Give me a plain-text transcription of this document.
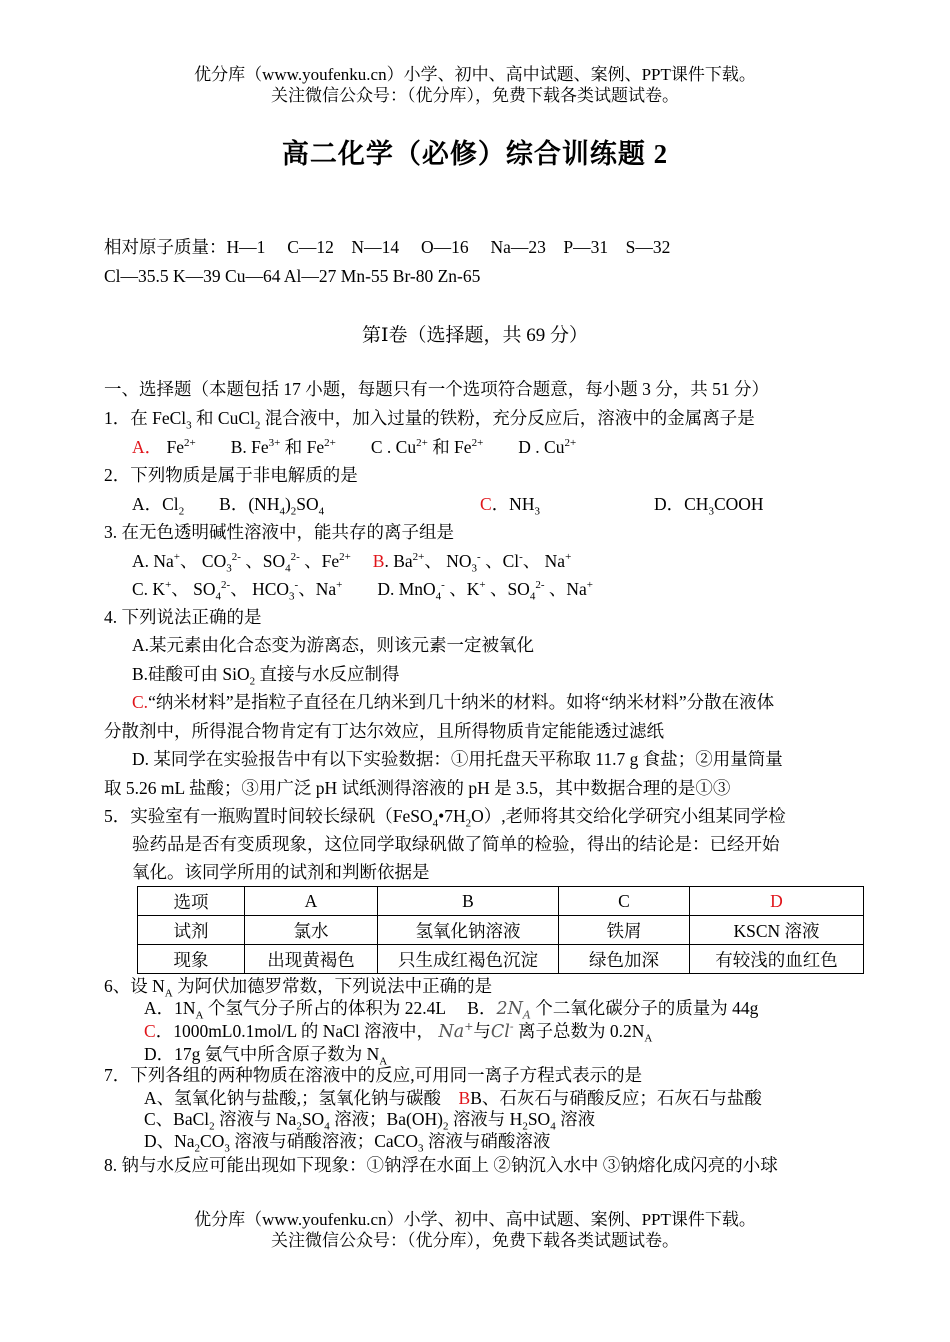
优分库（www.youfenku.cn）小学、初中、高中试题、案例、PPT课件下载。
关注微信公众号：（优分库），免费下载各类试题试卷。
高二化学（必修）综合训练题 2
相对原子质量：H—1　 C—12　N—14　 O—16　 Na—23　P—31　S—32
Cl—35.5 K—39 Cu—64 Al—27 Mn-55 Br-80 Zn-65
第Ⅰ卷（选择题，共 69 分）
一、选择题（本题包括 17 小题，每题只有一个选项符合题意，每小题 3 分，共 51 分）
1．在 FeCl$_3$ 和 CuCl$_2$ 混合液中，加入过量的铁粉，充分反应后，溶液中的金属离子是
A． $Fe^{2+}$　　B. $Fe^{3+}$ 和 $Fe^{2+}$　　C . $Cu^{2+}$ 和 $Fe^{2+}$　　D . $Cu^{2+}$
2．下列物质是属于非电解质的是
A．$Cl_2$　　B．$(NH_4)_2SO_4$	C．$NH_3$	D．$CH_3COOH$
3. 在无色透明碱性溶液中，能共存的离子组是
A. Na+、 $CO_3^{2-}$ 、$SO_4^{2-}$ 、$Fe^{2+}$　 B. $Ba^{2+}$、 $NO_3^-$ 、Cl-、 Na+
C. K+、 $SO_4^{2-}$、 $HCO_3^-$、Na+　　D. MnO$_4$- 、K+ 、$SO_4^{2-}$ 、Na+
4. 下列说法正确的是
A.某元素由化合态变为游离态，则该元素一定被氧化
B.硅酸可由 SiO$_2$ 直接与水反应制得
C.“纳米材料”是指粒子直径在几纳米到几十纳米的材料。如将“纳米材料”分散在液体
分散剂中，所得混合物肯定有丁达尔效应，且所得物质肯定能能透过滤纸
D. 某同学在实验报告中有以下实验数据：①用托盘天平称取 11.7 g 食盐；②用量筒量
取 5.26 mL 盐酸；③用广泛 pH 试纸测得溶液的 pH 是 3.5，其中数据合理的是①③
5．实验室有一瓶购置时间较长绿矾$(FeSO_4•7H_2O)$,老师将其交给化学研究小组某同学检
验药品是否有变质现象，这位同学取绿矾做了简单的检验，得出的结论是：已经开始
氧化。该同学所用的试剂和判断依据是
选项	A	B	C	D
试剂	氯水	氢氧化钠溶液	铁屑	KSCN 溶液
现象	出现黄褐色	只生成红褐色沉淀	绿色加深	有较浅的血红色
6、设 $N_A$ 为阿伏加德罗常数，下列说法中正确的是
A．$1N_A$ 个氢气分子所占的体积为 22.4L　 B．$2N_A$ 个二氧化碳分子的质量为 44g
C．1000mL0.1mol/L 的 NaCl 溶液中， Na+与Cl- 离子总数为 $0.2N_A$
D．17g 氨气中所含原子数为 $N_A$
7．下列各组的两种物质在溶液中的反应,可用同一离子方程式表示的是
A、氢氧化钠与盐酸,；氢氧化钠与碳酸　BB、石灰石与硝酸反应；石灰石与盐酸
C、BaCl$_2$ 溶液与 $Na_2SO_4$ 溶液；$Ba(OH)_2$ 溶液与 $H_2SO_4$ 溶液
D、$Na_2CO_3$ 溶液与硝酸溶液；CaCO$_3$ 溶液与硝酸溶液
8. 钠与水反应可能出现如下现象：①钠浮在水面上 ②钠沉入水中 ③钠熔化成闪亮的小球
优分库（www.youfenku.cn）小学、初中、高中试题、案例、PPT课件下载。
关注微信公众号：（优分库），免费下载各类试题试卷。
